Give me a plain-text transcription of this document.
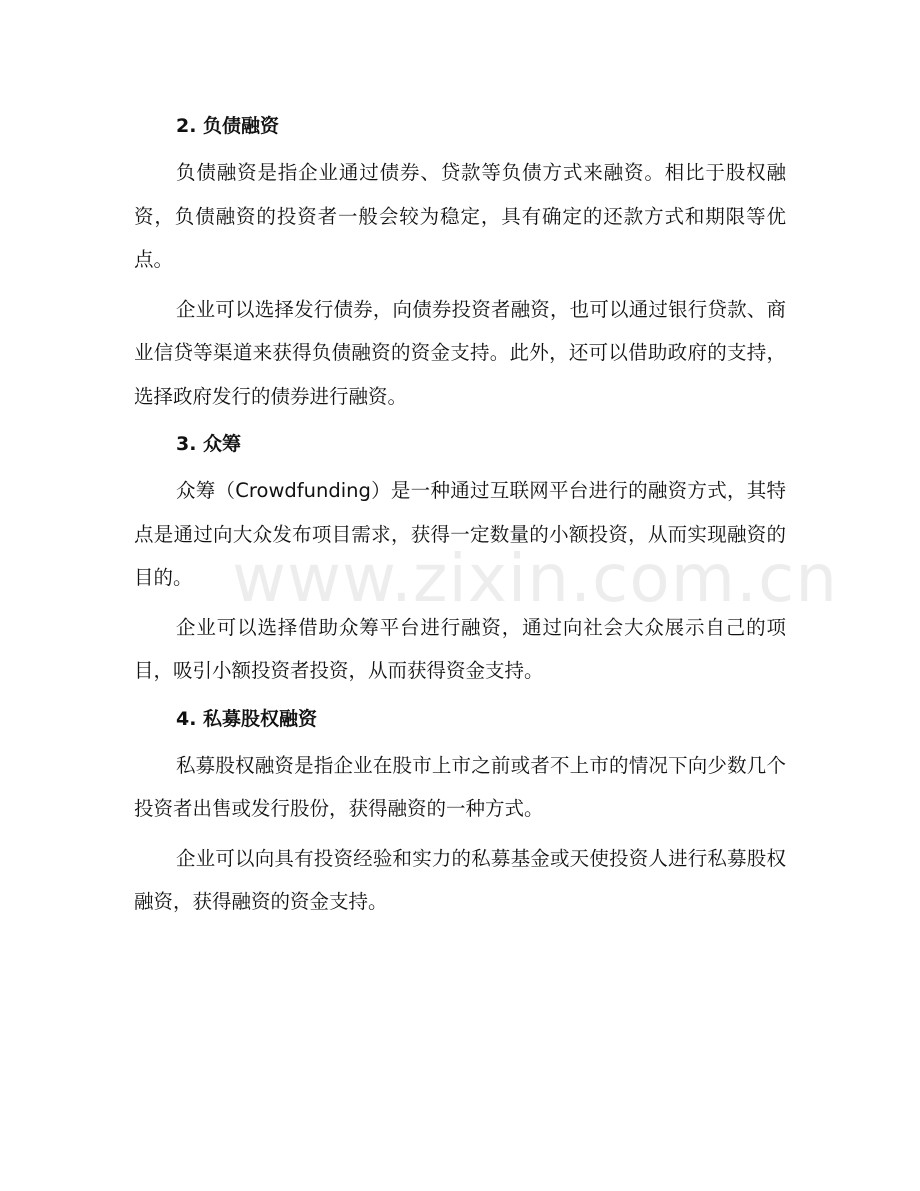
2. 负债融资

负债融资是指企业通过债券、贷款等负债方式来融资。相比于股权融资，负债融资的投资者一般会较为稳定，具有确定的还款方式和期限等优点。

企业可以选择发行债券，向债券投资者融资，也可以通过银行贷款、商业信贷等渠道来获得负债融资的资金支持。此外，还可以借助政府的支持，选择政府发行的债券进行融资。

3. 众筹

众筹（Crowdfunding）是一种通过互联网平台进行的融资方式，其特点是通过向大众发布项目需求，获得一定数量的小额投资，从而实现融资的目的。

企业可以选择借助众筹平台进行融资，通过向社会大众展示自己的项目，吸引小额投资者投资，从而获得资金支持。

4. 私募股权融资

私募股权融资是指企业在股市上市之前或者不上市的情况下向少数几个投资者出售或发行股份，获得融资的一种方式。

企业可以向具有投资经验和实力的私募基金或天使投资人进行私募股权融资，获得融资的资金支持。

www.zixin.com.cn
